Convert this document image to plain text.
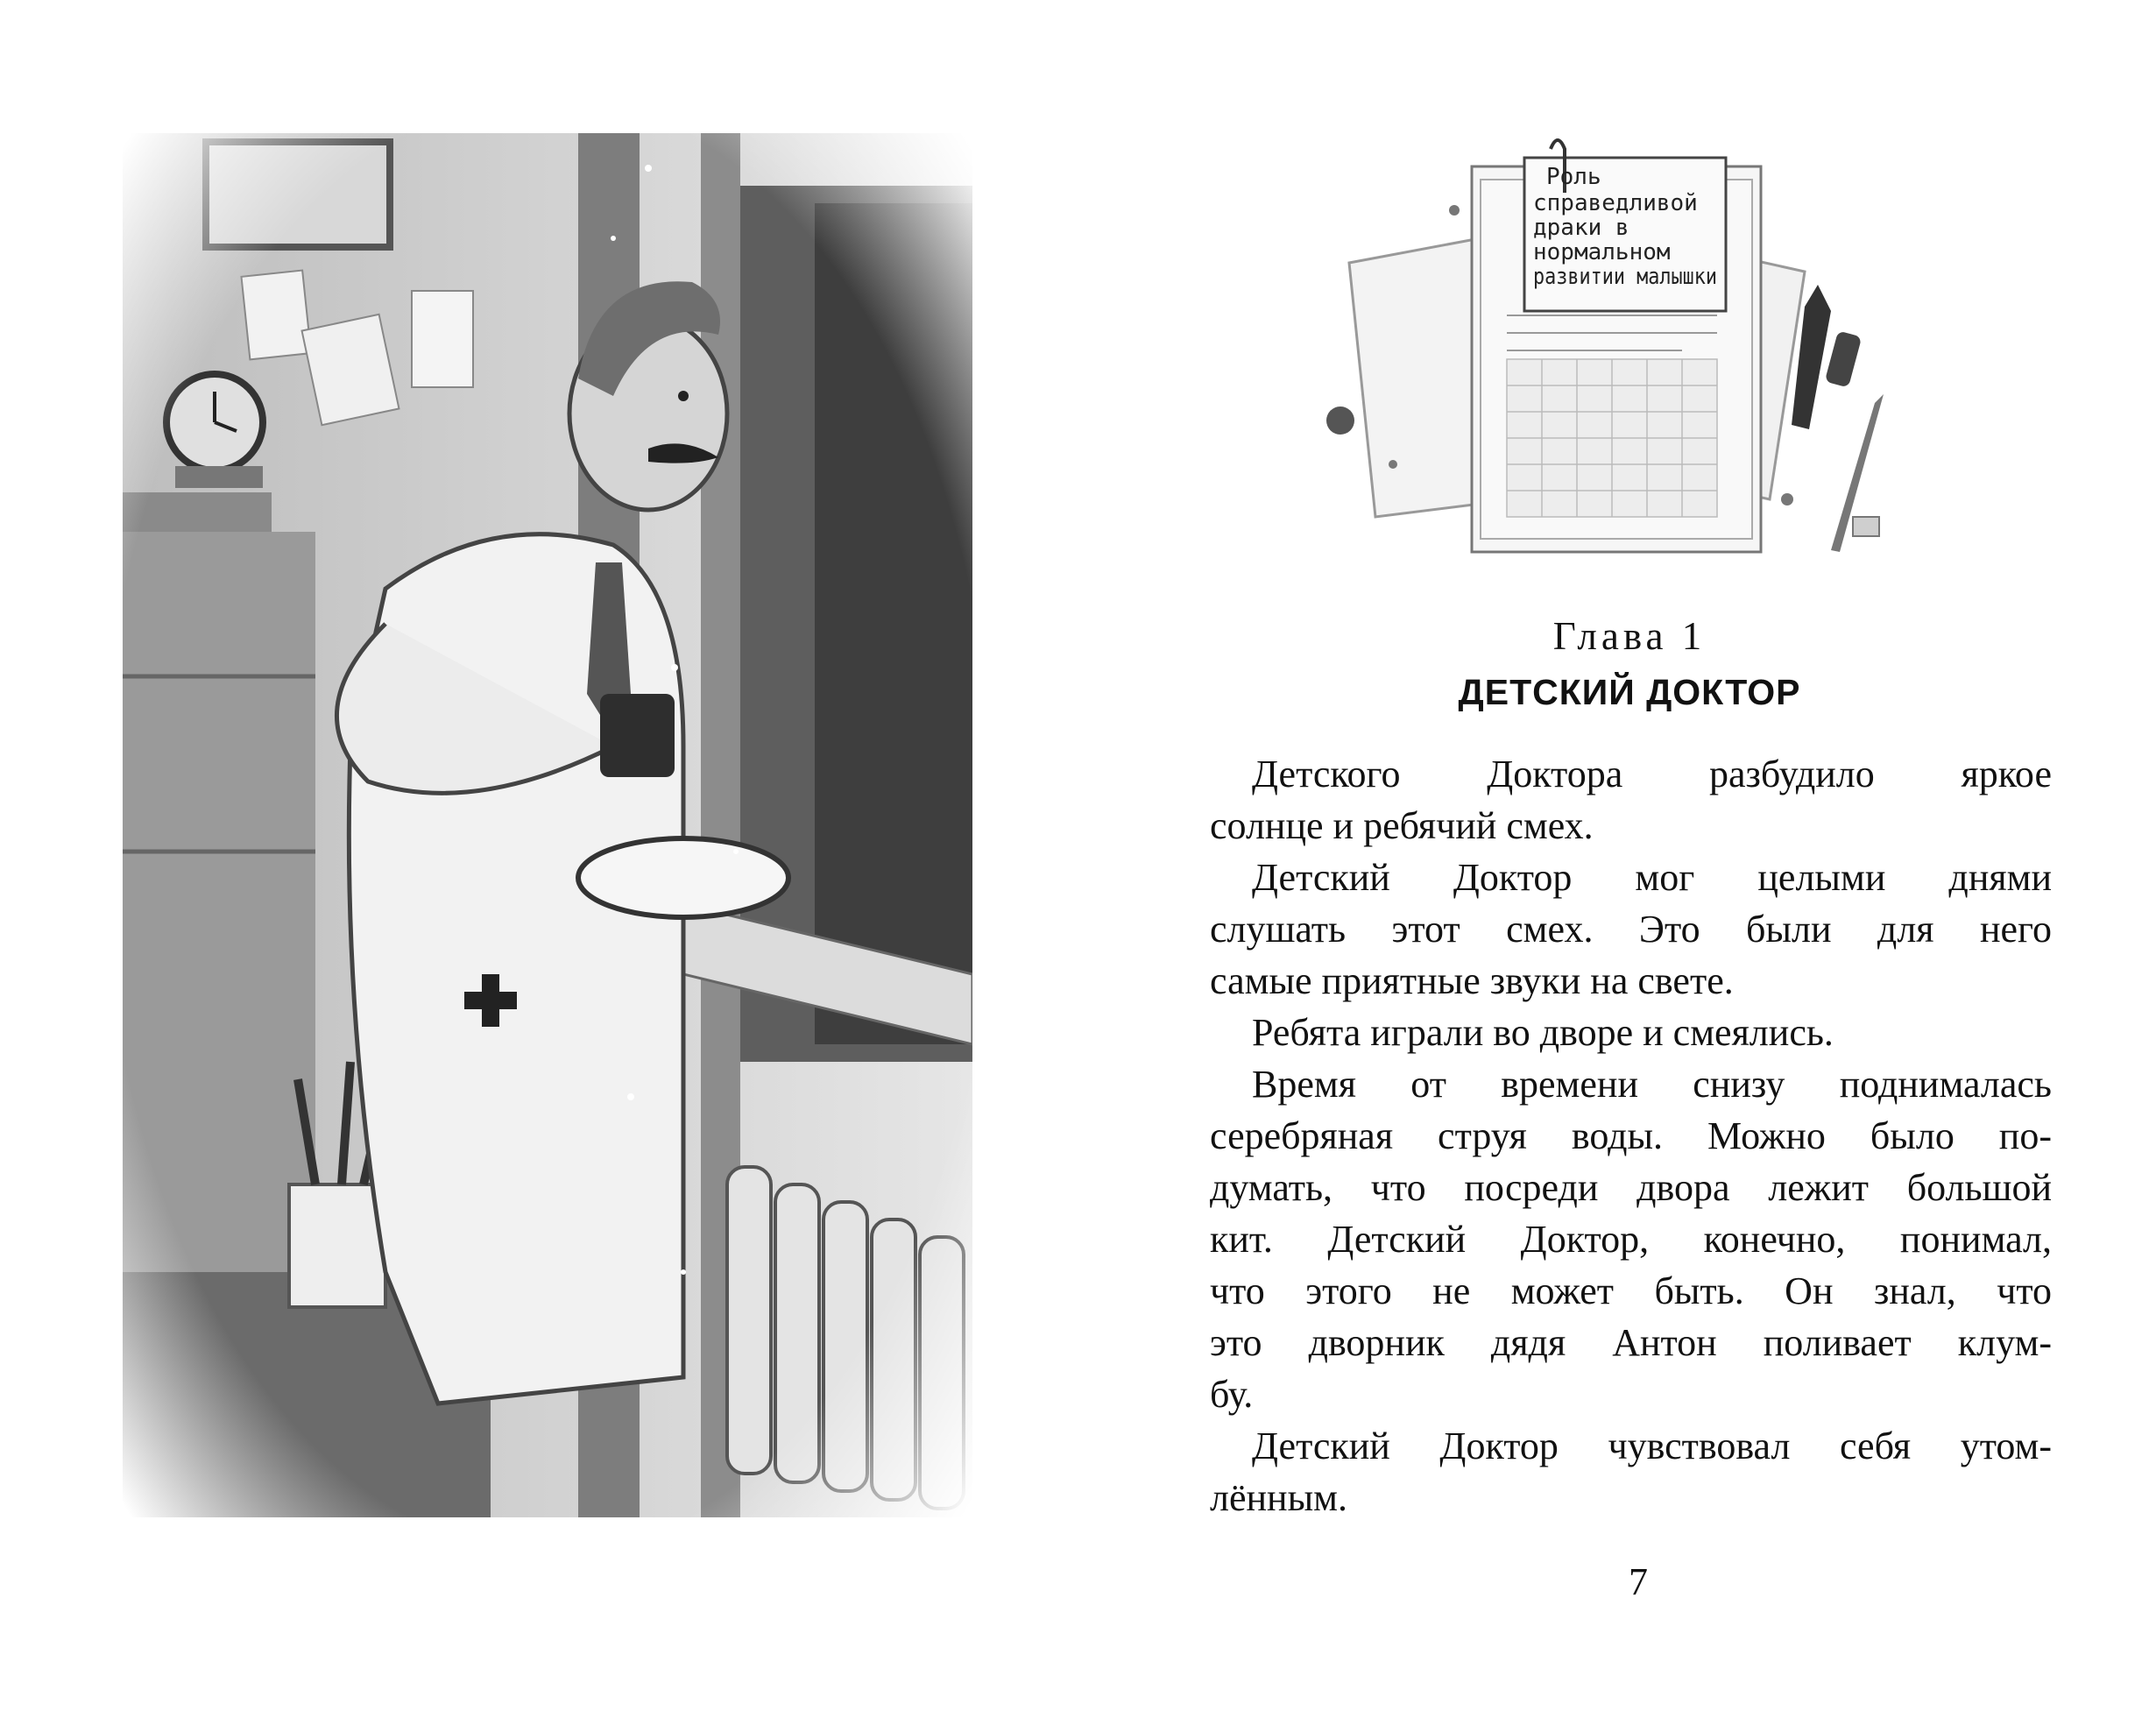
Роль
справедливой
драки в
нормальном
развитии малышки
Глава 1
ДЕТСКИЙ ДОКТОР
Детского Доктора разбудило яркое
солнце и ребячий смех.
Детский Доктор мог целыми днями
слушать этот смех. Это были для него
самые приятные звуки на свете.
Ребята играли во дворе и смеялись.
Время от времени снизу поднималась
серебряная струя воды. Можно было по-
думать, что посреди двора лежит большой
кит. Детский Доктор, конечно, понимал,
что этого не может быть. Он знал, что
это дворник дядя Антон поливает клум-
бу.
Детский Доктор чувствовал себя утом-
лённым.
7
